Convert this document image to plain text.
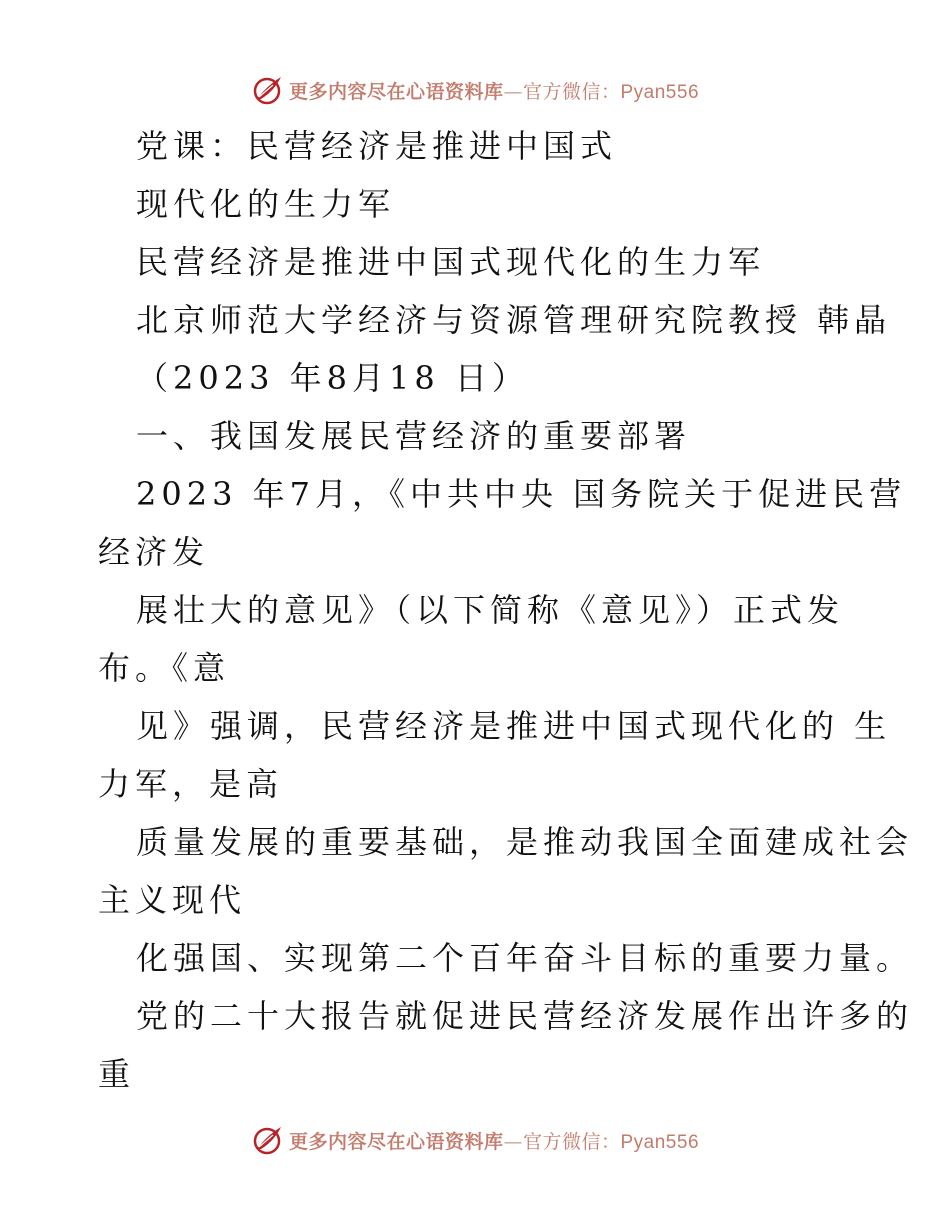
更多内容尽在心语资料库—官方微信：Pyan556
党课：民营经济是推进中国式
现代化的生力军
民营经济是推进中国式现代化的生力军
北京师范大学经济与资源管理研究院教授 韩晶
（2023 年8月18 日）
一、我国发展民营经济的重要部署
2023 年7月，《中共中央 国务院关于促进民营
经济发
展壮大的意见》（以下简称《意见》）正式发
布。《意
见》强调，民营经济是推进中国式现代化的 生
力军，是高
质量发展的重要基础，是推动我国全面建成社会
主义现代
化强国、实现第二个百年奋斗目标的重要力量。
党的二十大报告就促进民营经济发展作出许多的
重
更多内容尽在心语资料库—官方微信：Pyan556
